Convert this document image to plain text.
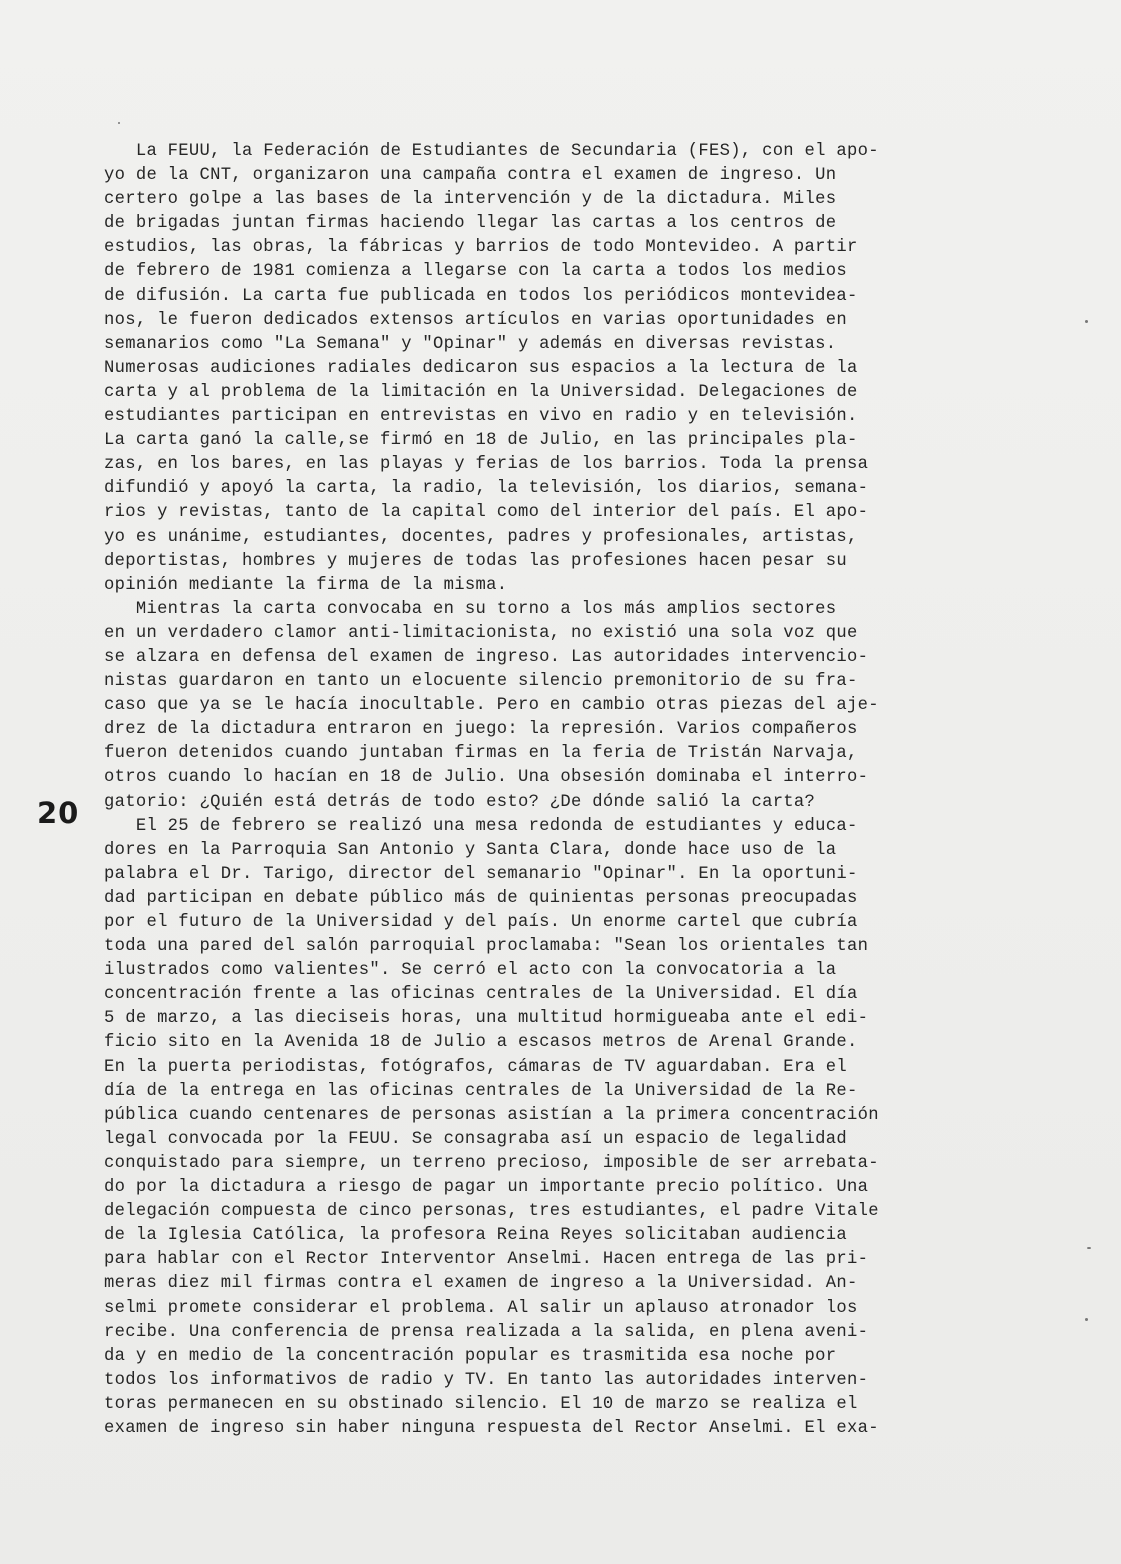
20
La FEUU, la Federación de Estudiantes de Secundaria (FES), con el apo-
yo de la CNT, organizaron una campaña contra el examen de ingreso. Un
certero golpe a las bases de la intervención y de la dictadura. Miles
de brigadas juntan firmas haciendo llegar las cartas a los centros de
estudios, las obras, la fábricas y barrios de todo Montevideo. A partir
de febrero de 1981 comienza a llegarse con la carta a todos los medios
de difusión. La carta fue publicada en todos los periódicos montevidea-
nos, le fueron dedicados extensos artículos en varias oportunidades en
semanarios como "La Semana" y "Opinar" y además en diversas revistas.
Numerosas audiciones radiales dedicaron sus espacios a la lectura de la
carta y al problema de la limitación en la Universidad. Delegaciones de
estudiantes participan en entrevistas en vivo en radio y en televisión.
La carta ganó la calle,se firmó en 18 de Julio, en las principales pla-
zas, en los bares, en las playas y ferias de los barrios. Toda la prensa
difundió y apoyó la carta, la radio, la televisión, los diarios, semana-
rios y revistas, tanto de la capital como del interior del país. El apo-
yo es unánime, estudiantes, docentes, padres y profesionales, artistas,
deportistas, hombres y mujeres de todas las profesiones hacen pesar su
opinión mediante la firma de la misma.
Mientras la carta convocaba en su torno a los más amplios sectores
en un verdadero clamor anti-limitacionista, no existió una sola voz que
se alzara en defensa del examen de ingreso. Las autoridades intervencio-
nistas guardaron en tanto un elocuente silencio premonitorio de su fra-
caso que ya se le hacía inocultable. Pero en cambio otras piezas del aje-
drez de la dictadura entraron en juego: la represión. Varios compañeros
fueron detenidos cuando juntaban firmas en la feria de Tristán Narvaja,
otros cuando lo hacían en 18 de Julio. Una obsesión dominaba el interro-
gatorio: ¿Quién está detrás de todo esto? ¿De dónde salió la carta?
El 25 de febrero se realizó una mesa redonda de estudiantes y educa-
dores en la Parroquia San Antonio y Santa Clara, donde hace uso de la
palabra el Dr. Tarigo, director del semanario "Opinar". En la oportuni-
dad participan en debate público más de quinientas personas preocupadas
por el futuro de la Universidad y del país. Un enorme cartel que cubría
toda una pared del salón parroquial proclamaba: "Sean los orientales tan
ilustrados como valientes". Se cerró el acto con la convocatoria a la
concentración frente a las oficinas centrales de la Universidad. El día
5 de marzo, a las dieciseis horas, una multitud hormigueaba ante el edi-
ficio sito en la Avenida 18 de Julio a escasos metros de Arenal Grande.
En la puerta periodistas, fotógrafos, cámaras de TV aguardaban. Era el
día de la entrega en las oficinas centrales de la Universidad de la Re-
pública cuando centenares de personas asistían a la primera concentración
legal convocada por la FEUU. Se consagraba así un espacio de legalidad
conquistado para siempre, un terreno precioso, imposible de ser arrebata-
do por la dictadura a riesgo de pagar un importante precio político. Una
delegación compuesta de cinco personas, tres estudiantes, el padre Vitale
de la Iglesia Católica, la profesora Reina Reyes solicitaban audiencia
para hablar con el Rector Interventor Anselmi. Hacen entrega de las pri-
meras diez mil firmas contra el examen de ingreso a la Universidad. An-
selmi promete considerar el problema. Al salir un aplauso atronador los
recibe. Una conferencia de prensa realizada a la salida, en plena aveni-
da y en medio de la concentración popular es trasmitida esa noche por
todos los informativos de radio y TV. En tanto las autoridades interven-
toras permanecen en su obstinado silencio. El 10 de marzo se realiza el
examen de ingreso sin haber ninguna respuesta del Rector Anselmi. El exa-
